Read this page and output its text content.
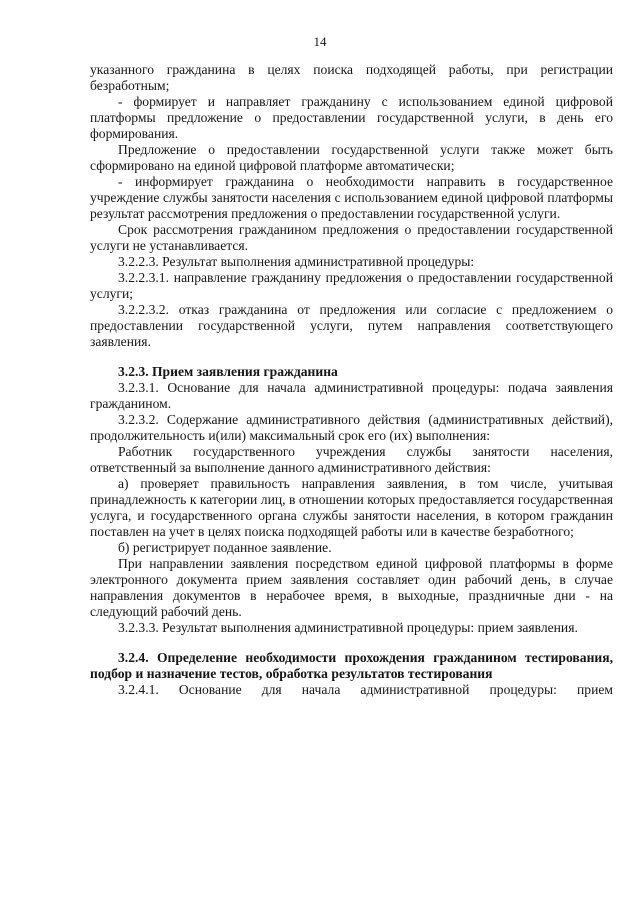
14

указанного гражданина в целях поиска подходящей работы, при регистрации безработным;

- формирует и направляет гражданину с использованием единой цифровой платформы предложение о предоставлении государственной услуги, в день его формирования.

Предложение о предоставлении государственной услуги также может быть сформировано на единой цифровой платформе автоматически;

- информирует гражданина о необходимости направить в государственное учреждение службы занятости населения с использованием единой цифровой платформы результат рассмотрения предложения о предоставлении государственной услуги.

Срок рассмотрения гражданином предложения о предоставлении государственной услуги не устанавливается.

3.2.2.3. Результат выполнения административной процедуры:

3.2.2.3.1. направление гражданину предложения о предоставлении государственной услуги;

3.2.2.3.2. отказ гражданина от предложения или согласие с предложением о предоставлении государственной услуги, путем направления соответствующего заявления.

3.2.3. Прием заявления гражданина

3.2.3.1. Основание для начала административной процедуры: подача заявления гражданином.

3.2.3.2. Содержание административного действия (административных действий), продолжительность и(или) максимальный срок его (их) выполнения:

Работник государственного учреждения службы занятости населения, ответственный за выполнение данного административного действия:

а) проверяет правильность направления заявления, в том числе, учитывая принадлежность к категории лиц, в отношении которых предоставляется государственная услуга, и государственного органа службы занятости населения, в котором гражданин поставлен на учет в целях поиска подходящей работы или в качестве безработного;

б) регистрирует поданное заявление.

При направлении заявления посредством единой цифровой платформы в форме электронного документа прием заявления составляет один рабочий день, в случае направления документов в нерабочее время, в выходные, праздничные дни - на следующий рабочий день.

3.2.3.3. Результат выполнения административной процедуры: прием заявления.

3.2.4. Определение необходимости прохождения гражданином тестирования, подбор и назначение тестов, обработка результатов тестирования

3.2.4.1. Основание для начала административной процедуры: прием
